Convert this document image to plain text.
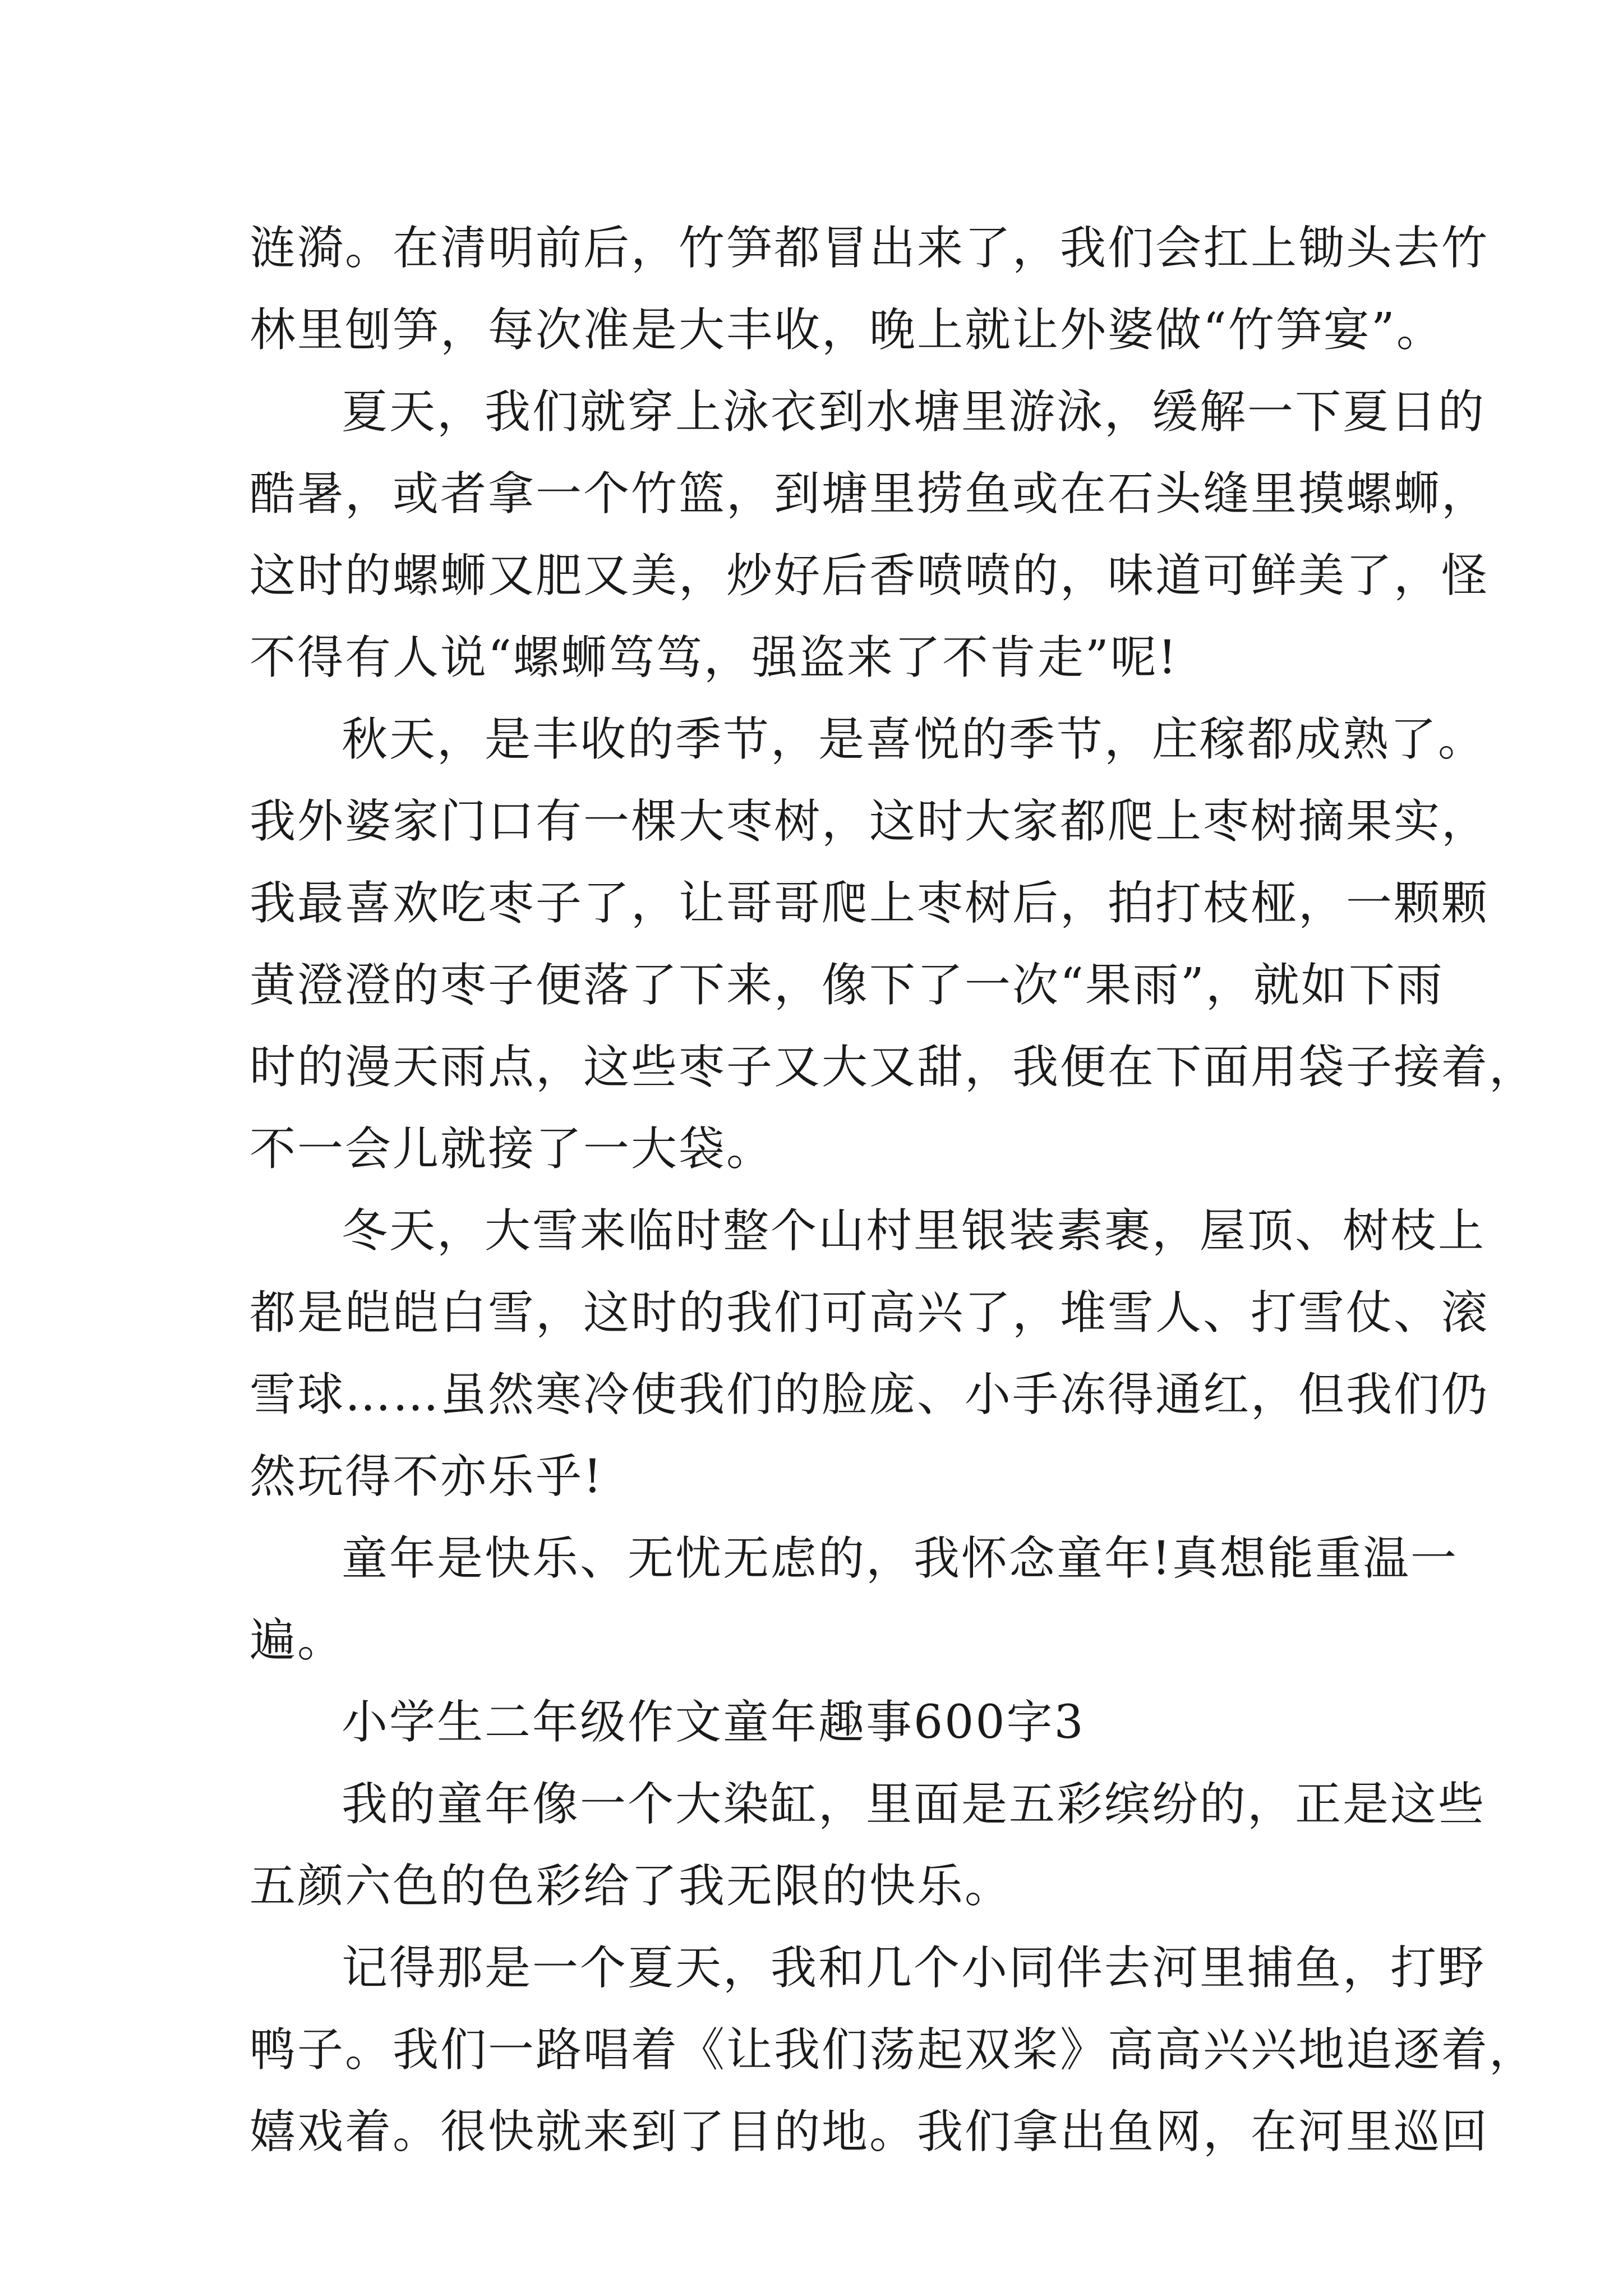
涟漪。在清明前后，竹笋都冒出来了，我们会扛上锄头去竹
林里刨笋，每次准是大丰收，晚上就让外婆做“竹笋宴”。
夏天，我们就穿上泳衣到水塘里游泳，缓解一下夏日的
酷暑，或者拿一个竹篮，到塘里捞鱼或在石头缝里摸螺蛳，
这时的螺蛳又肥又美，炒好后香喷喷的，味道可鲜美了，怪
不得有人说“螺蛳笃笃，强盗来了不肯走”呢!
秋天，是丰收的季节，是喜悦的季节，庄稼都成熟了。
我外婆家门口有一棵大枣树，这时大家都爬上枣树摘果实，
我最喜欢吃枣子了，让哥哥爬上枣树后，拍打枝桠，一颗颗
黄澄澄的枣子便落了下来，像下了一次“果雨”，就如下雨
时的漫天雨点，这些枣子又大又甜，我便在下面用袋子接着，
不一会儿就接了一大袋。
冬天，大雪来临时整个山村里银装素裹，屋顶、树枝上
都是皑皑白雪，这时的我们可高兴了，堆雪人、打雪仗、滚
雪球……虽然寒冷使我们的脸庞、小手冻得通红，但我们仍
然玩得不亦乐乎!
童年是快乐、无忧无虑的，我怀念童年!真想能重温一
遍。
小学生二年级作文童年趣事600字3
我的童年像一个大染缸，里面是五彩缤纷的，正是这些
五颜六色的色彩给了我无限的快乐。
记得那是一个夏天，我和几个小同伴去河里捕鱼，打野
鸭子。我们一路唱着《让我们荡起双桨》高高兴兴地追逐着，
嬉戏着。很快就来到了目的地。我们拿出鱼网，在河里巡回
